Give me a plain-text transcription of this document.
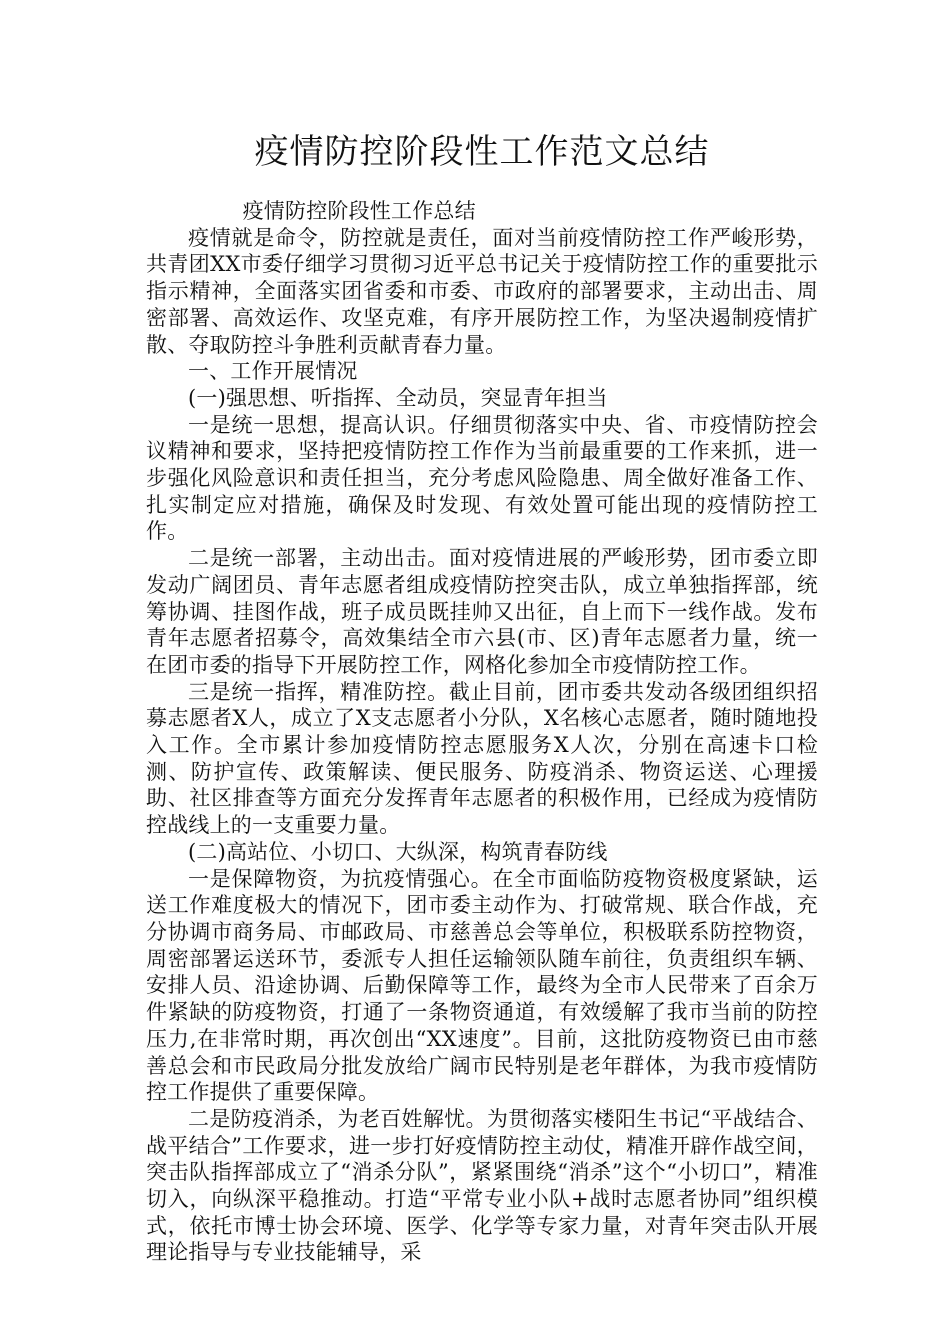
疫情防控阶段性工作范文总结

疫情防控阶段性工作总结

疫情就是命令，防控就是责任，面对当前疫情防控工作严峻形势，共青团XX市委仔细学习贯彻习近平总书记关于疫情防控工作的重要批示指示精神，全面落实团省委和市委、市政府的部署要求，主动出击、周密部署、高效运作、攻坚克难，有序开展防控工作，为坚决遏制疫情扩散、夺取防控斗争胜利贡献青春力量。

一、工作开展情况

(一)强思想、听指挥、全动员，突显青年担当

一是统一思想，提高认识。仔细贯彻落实中央、省、市疫情防控会议精神和要求，坚持把疫情防控工作作为当前最重要的工作来抓，进一步强化风险意识和责任担当，充分考虑风险隐患、周全做好准备工作、扎实制定应对措施，确保及时发现、有效处置可能出现的疫情防控工作。

二是统一部署，主动出击。面对疫情进展的严峻形势，团市委立即发动广阔团员、青年志愿者组成疫情防控突击队，成立单独指挥部，统筹协调、挂图作战，班子成员既挂帅又出征，自上而下一线作战。发布青年志愿者招募令，高效集结全市六县(市、区)青年志愿者力量，统一在团市委的指导下开展防控工作，网格化参加全市疫情防控工作。

三是统一指挥，精准防控。截止目前，团市委共发动各级团组织招募志愿者X人，成立了X支志愿者小分队，X名核心志愿者，随时随地投入工作。全市累计参加疫情防控志愿服务X人次，分别在高速卡口检测、防护宣传、政策解读、便民服务、防疫消杀、物资运送、心理援助、社区排查等方面充分发挥青年志愿者的积极作用，已经成为疫情防控战线上的一支重要力量。

(二)高站位、小切口、大纵深，构筑青春防线

一是保障物资，为抗疫情强心。在全市面临防疫物资极度紧缺，运送工作难度极大的情况下，团市委主动作为、打破常规、联合作战，充分协调市商务局、市邮政局、市慈善总会等单位，积极联系防控物资，周密部署运送环节，委派专人担任运输领队随车前往，负责组织车辆、安排人员、沿途协调、后勤保障等工作，最终为全市人民带来了百余万件紧缺的防疫物资，打通了一条物资通道，有效缓解了我市当前的防控压力,在非常时期，再次创出“XX速度”。目前，这批防疫物资已由市慈善总会和市民政局分批发放给广阔市民特别是老年群体，为我市疫情防控工作提供了重要保障。

二是防疫消杀，为老百姓解忧。为贯彻落实楼阳生书记“平战结合、战平结合”工作要求，进一步打好疫情防控主动仗，精准开辟作战空间，突击队指挥部成立了“消杀分队”，紧紧围绕“消杀”这个“小切口”，精准切入，向纵深平稳推动。打造“平常专业小队+战时志愿者协同”组织模式，依托市博士协会环境、医学、化学等专家力量，对青年突击队开展理论指导与专业技能辅导，采
